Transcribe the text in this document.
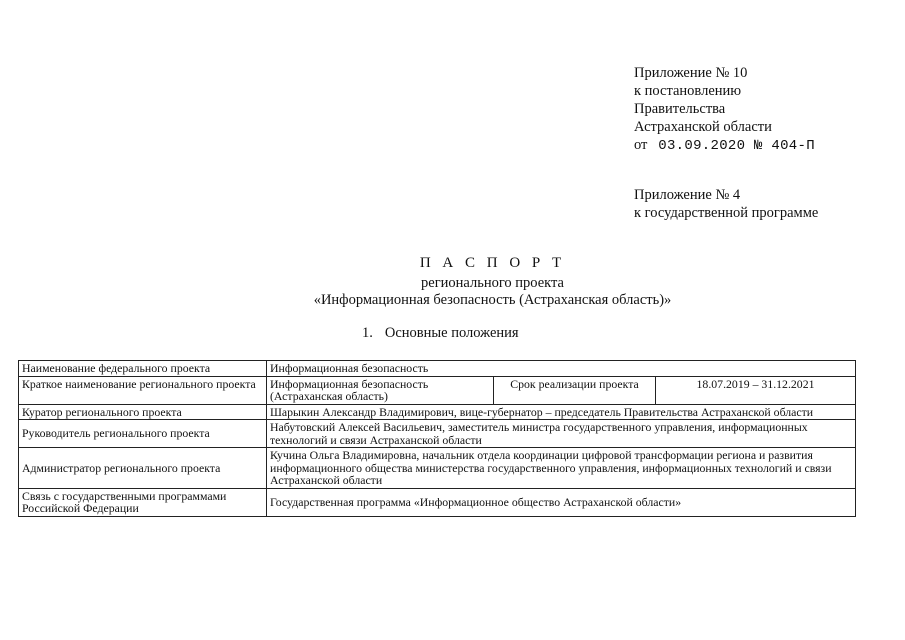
Приложение № 10
к постановлению
Правительства
Астраханской области
от 03.09.2020 № 404-П
Приложение № 4
к государственной программе
П А С П О Р Т
регионального проекта
«Информационная безопасность (Астраханская область)»
1. Основные положения
Наименование федерального проекта	Информационная безопасность		
Краткое наименование регионального проекта	Информационная безопасность (Астраханская область)	Срок реализации проекта	18.07.2019 – 31.12.2021
Куратор регионального проекта	Шарыкин Александр Владимирович, вице-губернатор – председатель Правительства Астраханской области		
Руководитель регионального проекта	Набутовский Алексей Васильевич, заместитель министра государственного управления, информационных технологий и связи Астраханской области		
Администратор регионального проекта	Кучина Ольга Владимировна, начальник отдела координации цифровой трансформации региона и развития информационного общества министерства государственного управления, информационных технологий и связи Астраханской области		
Связь с государственными программами Российской Федерации	Государственная программа «Информационное общество Астраханской области»		
